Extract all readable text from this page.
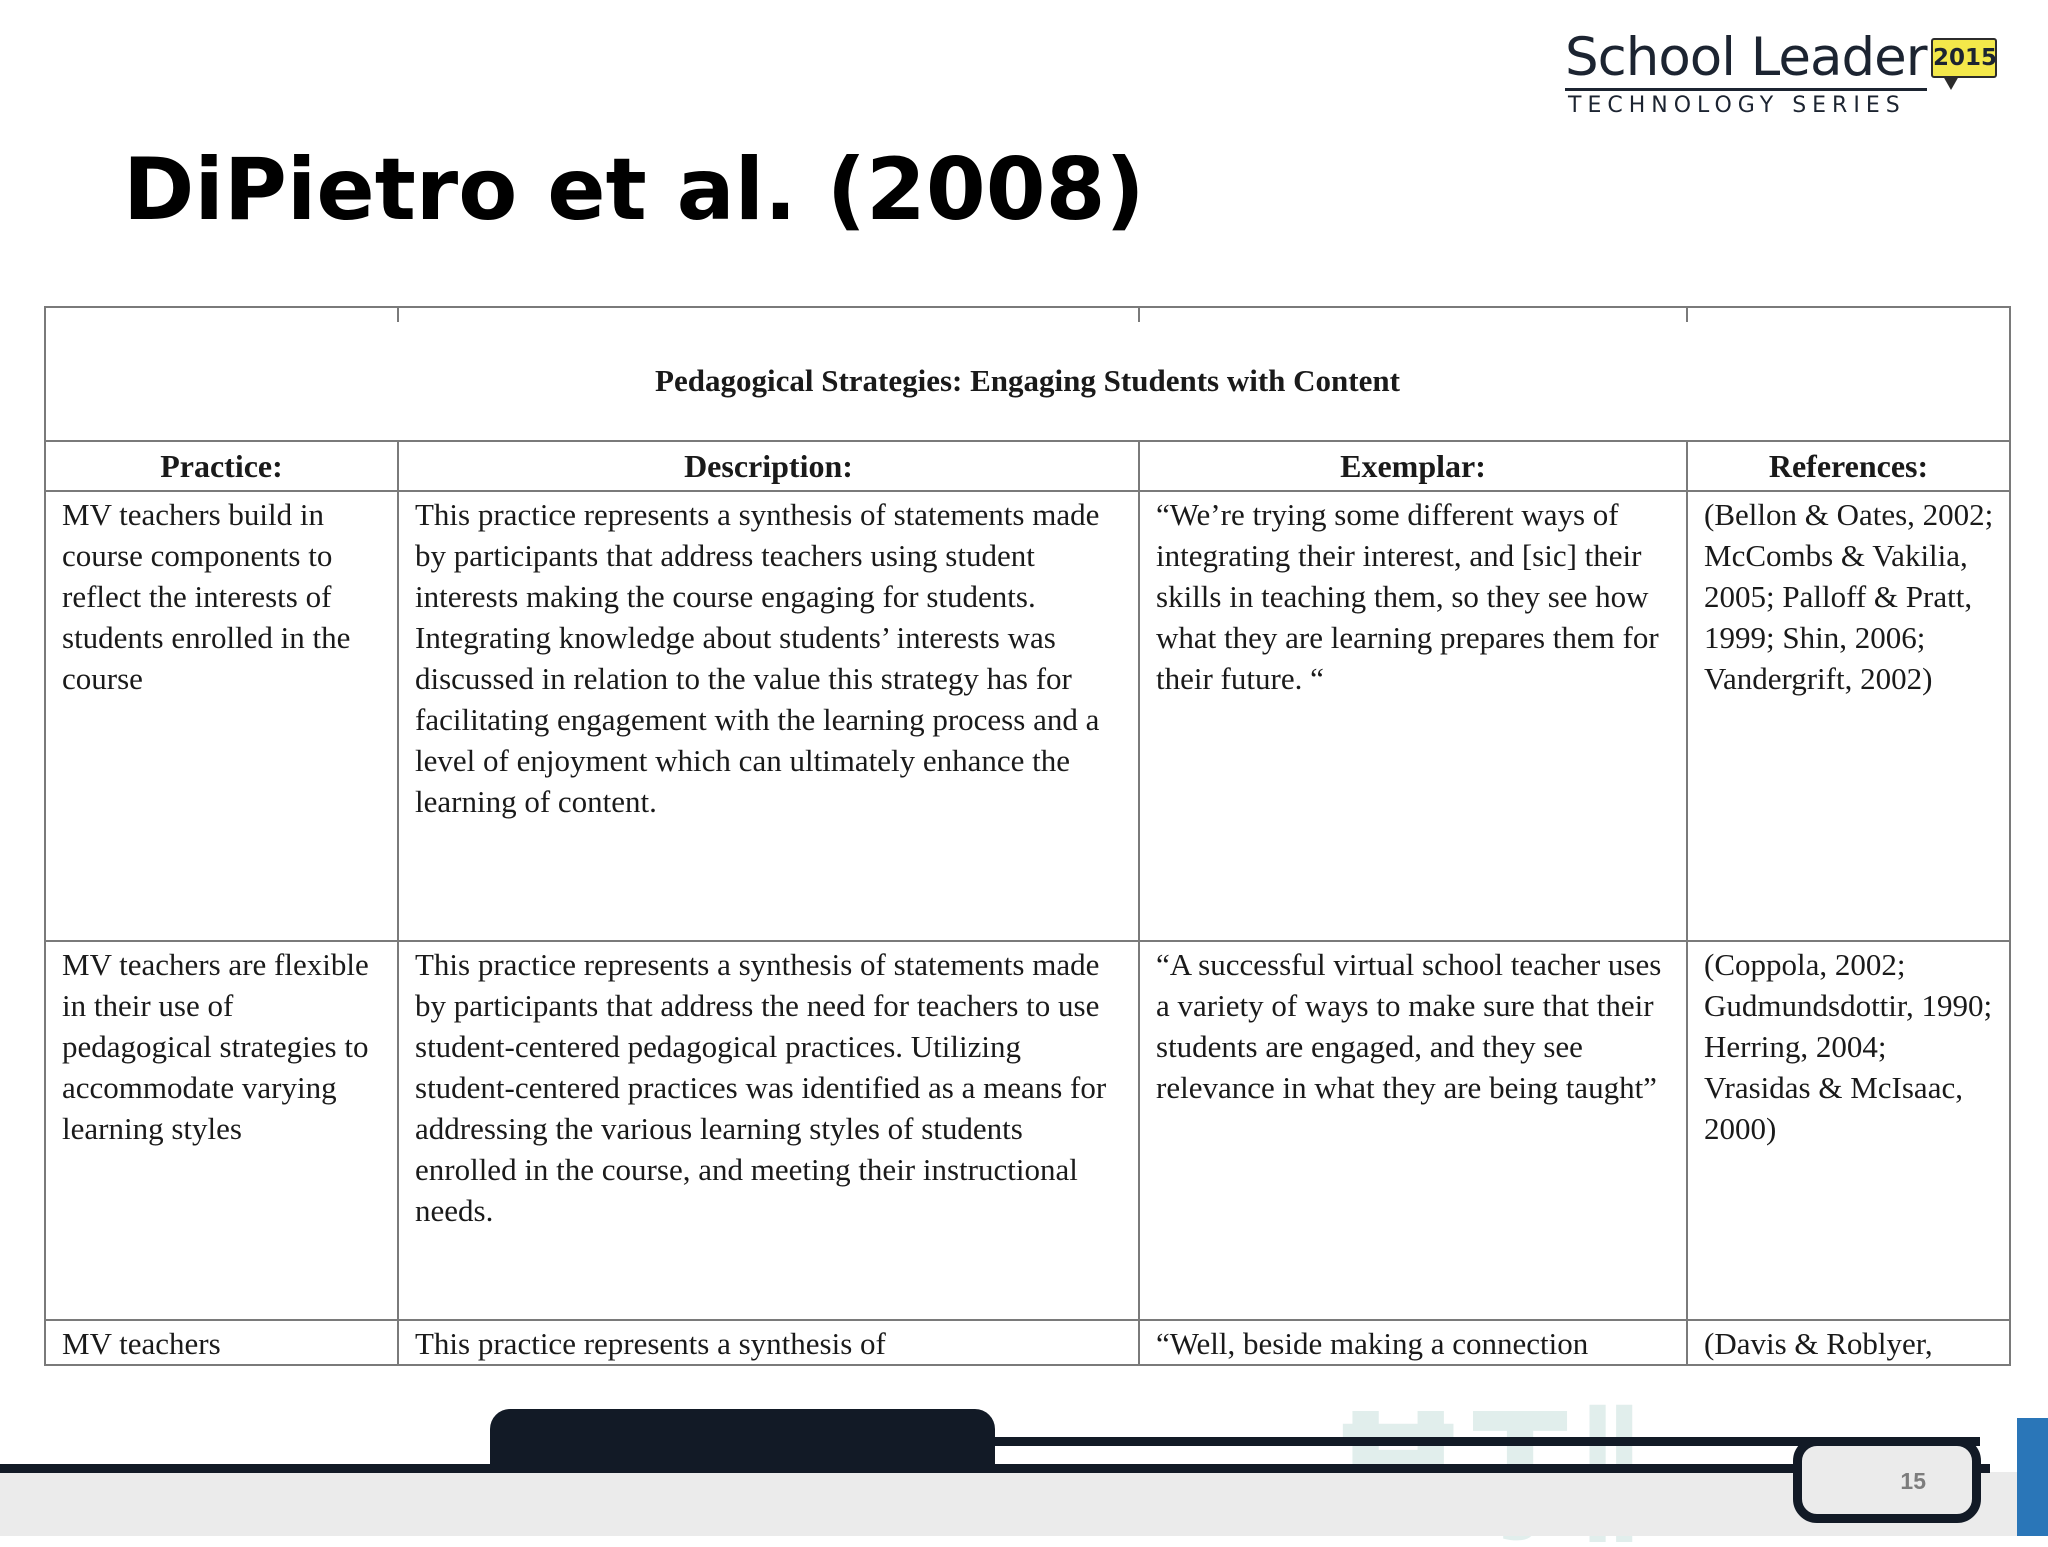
School Leader
TECHNOLOGY SERIES
2015
DiPietro et al. (2008)

Pedagogical Strategies: Engaging Students with Content			
Practice:	Description:	Exemplar:	References:
MV teachers build in course components to reflect the interests of students enrolled in the course	This practice represents a synthesis of statements made by participants that address teachers using student interests making the course engaging for students. Integrating knowledge about students’ interests was discussed in relation to the value this strategy has for facilitating engagement with the learning process and a level of enjoyment which can ultimately enhance the learning of content.	“We’re trying some different ways of integrating their interest, and [sic] their skills in teaching them, so they see how what they are learning prepares them for their future. “	(Bellon & Oates, 2002; McCombs & Vakilia, 2005; Palloff & Pratt, 1999; Shin, 2006; Vandergrift, 2002)
MV teachers are flexible in their use of pedagogical strategies to accommodate varying learning styles	This practice represents a synthesis of statements made by participants that address the need for teachers to use student-centered pedagogical practices. Utilizing student-centered practices was identified as a means for addressing the various learning styles of students enrolled in the course, and meeting their instructional needs.	“A successful virtual school teacher uses a variety of ways to make sure that their students are engaged, and they see relevance in what they are being taught”	(Coppola, 2002; Gudmundsdottir, 1990; Herring, 2004; Vrasidas & McIsaac, 2000)
MV teachers	This practice represents a synthesis of	“Well, beside making a connection	(Davis & Roblyer,
15
